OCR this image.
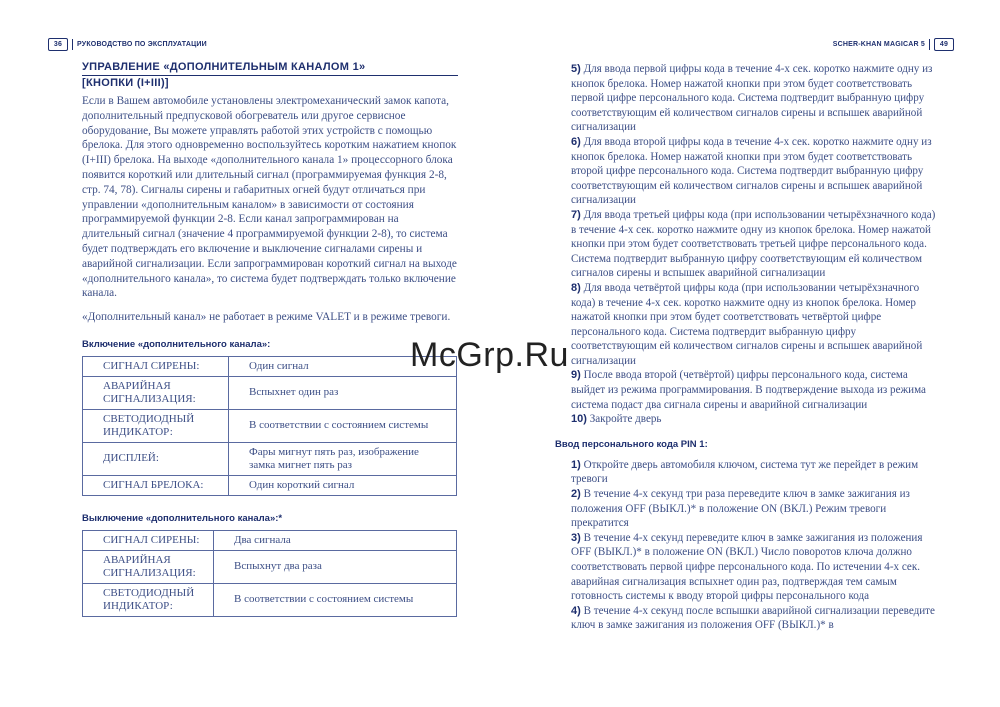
36 РУКОВОДСТВО ПО ЭКСПЛУАТАЦИИ	SCHER-KHAN MAGICAR 5 49
УПРАВЛЕНИЕ «ДОПОЛНИТЕЛЬНЫМ КАНАЛОМ 1»
[КНОПКИ (I+III)]

Если в Вашем автомобиле установлены электромеханический замок капота, дополнительный предпусковой обогреватель или другое сервисное оборудование, Вы можете управлять работой этих устройств с помощью брелока. Для этого одновременно воспользуйтесь коротким нажатием кнопок (I+III) брелока. На выходе «дополнительного канала 1» процессорного блока появится короткий или длительный сигнал (программируемая функция 2-8, стр. 74, 78). Сигналы сирены и габаритных огней будут отличаться при управлении «дополнительным каналом» в зависимости от состояния программируемой функции 2-8. Если канал запрограммирован на длительный сигнал (значение 4 программируемой функции 2-8), то система будет подтверждать его включение и выключение сигналами сирены и аварийной сигнализации. Если запрограммирован короткий сигнал на выходе «дополнительного канала», то система будет подтверждать только включение канала.

«Дополнительный канал» не работает в режиме VALET и в режиме тревоги.

Включение «дополнительного канала»:
СИГНАЛ СИРЕНЫ:	Один сигнал
АВАРИЙНАЯ СИГНАЛИЗАЦИЯ:	Вспыхнет один раз
СВЕТОДИОДНЫЙ ИНДИКАТОР:	В соответствии с состоянием системы
ДИСПЛЕЙ:	Фары мигнут пять раз, изображение замка мигнет пять раз
СИГНАЛ БРЕЛОКА:	Один короткий сигнал
Выключение «дополнительного канала»:*
СИГНАЛ СИРЕНЫ:	Два сигнала
АВАРИЙНАЯ СИГНАЛИЗАЦИЯ:	Вспыхнут два раза
СВЕТОДИОДНЫЙ ИНДИКАТОР:	В соответствии с состоянием системы

5) Для ввода первой цифры кода в течение 4-х сек. коротко нажмите одну из кнопок брелока. Номер нажатой кнопки при этом будет соответствовать первой цифре персонального кода. Система подтвердит выбранную цифру соответствующим ей количеством сигналов сирены и вспышек аварийной сигнализации

6) Для ввода второй цифры кода в течение 4-х сек. коротко нажмите одну из кнопок брелока. Номер нажатой кнопки при этом будет соответствовать второй цифре персонального кода. Система подтвердит выбранную цифру соответствующим ей количеством сигналов сирены и вспышек аварийной сигнализации

7) Для ввода третьей цифры кода (при использовании четырёхзначного кода) в течение 4-х сек. коротко нажмите одну из кнопок брелока. Номер нажатой кнопки при этом будет соответствовать третьей цифре персонального кода. Система подтвердит выбранную цифру соответствующим ей количеством сигналов сирены и вспышек аварийной сигнализации

8) Для ввода четвёртой цифры кода (при использовании четырёхзначного кода) в течение 4-х сек. коротко нажмите одну из кнопок брелока. Номер нажатой кнопки при этом будет соответствовать четвёртой цифре персонального кода. Система подтвердит выбранную цифру соответствующим ей количеством сигналов сирены и вспышек аварийной сигнализации

9) После ввода второй (четвёртой) цифры персонального кода, система выйдет из режима программирования. В подтверждение выхода из режима система подаст два сигнала сирены и аварийной сигнализации

10) Закройте дверь

Ввод персонального кода PIN 1:

1) Откройте дверь автомобиля ключом, система тут же перейдет в режим тревоги

2) В течение 4-х секунд три раза переведите ключ в замке зажигания из положения OFF (ВЫКЛ.)* в положение ON (ВКЛ.) Режим тревоги прекратится

3) В течение 4-х секунд переведите ключ в замке зажигания из положения OFF (ВЫКЛ.)* в положение ON (ВКЛ.) Число поворотов ключа должно соответствовать первой цифре персонального кода. По истечении 4-х сек. аварийная сигнализация вспыхнет один раз, подтверждая тем самым готовность системы к вводу второй цифры персонального кода

4) В течение 4-х секунд после вспышки аварийной сигнализации переведите ключ в замке зажигания из положения OFF (ВЫКЛ.)* в

McGrp.Ru
